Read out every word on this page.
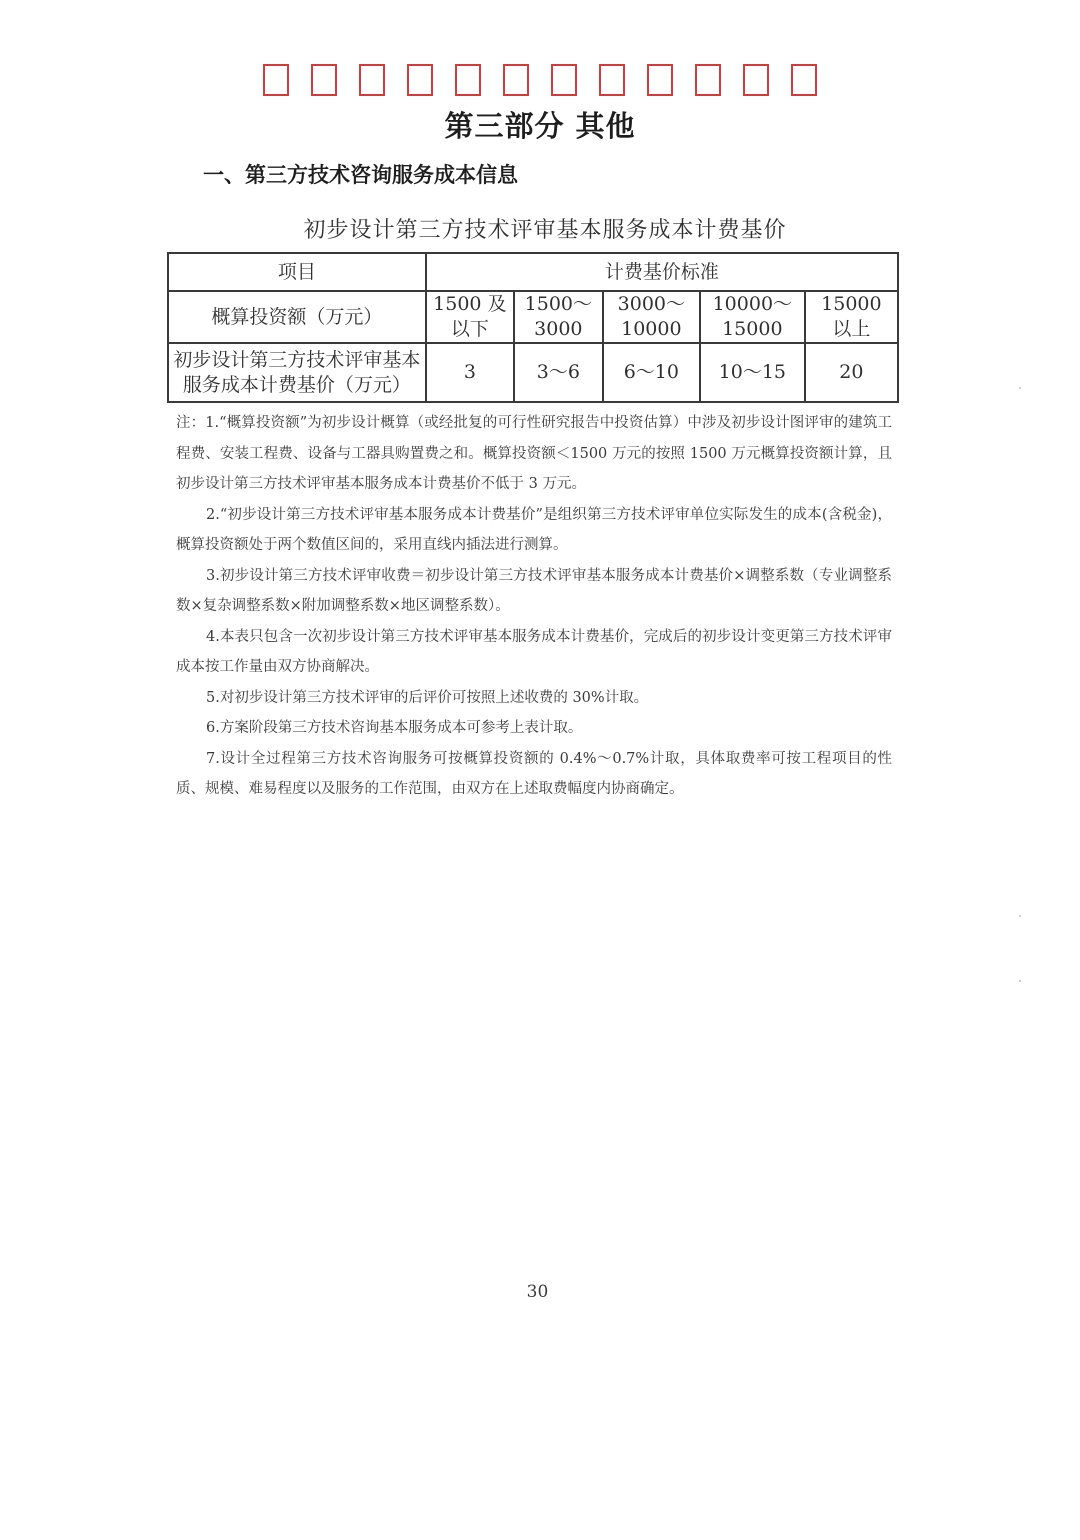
第三部分 其他
一、第三方技术咨询服务成本信息
初步设计第三方技术评审基本服务成本计费基价
项目	计费基价标准				
概算投资额（万元）	1500 及以下	1500～3000	3000～10000	10000～15000	15000 以上
初步设计第三方技术评审基本服务成本计费基价（万元）	3	3～6	6～10	10～15	20
注：1.“概算投资额”为初步设计概算（或经批复的可行性研究报告中投资估算）中涉及初步设计图评审的建筑工程费、安装工程费、设备与工器具购置费之和。概算投资额＜1500 万元的按照 1500 万元概算投资额计算，且初步设计第三方技术评审基本服务成本计费基价不低于 3 万元。
2.“初步设计第三方技术评审基本服务成本计费基价”是组织第三方技术评审单位实际发生的成本(含税金)，概算投资额处于两个数值区间的，采用直线内插法进行测算。
3.初步设计第三方技术评审收费＝初步设计第三方技术评审基本服务成本计费基价×调整系数（专业调整系数×复杂调整系数×附加调整系数×地区调整系数）。
4.本表只包含一次初步设计第三方技术评审基本服务成本计费基价，完成后的初步设计变更第三方技术评审成本按工作量由双方协商解决。
5.对初步设计第三方技术评审的后评价可按照上述收费的 30%计取。
6.方案阶段第三方技术咨询基本服务成本可参考上表计取。
7.设计全过程第三方技术咨询服务可按概算投资额的 0.4%～0.7%计取，具体取费率可按工程项目的性质、规模、难易程度以及服务的工作范围，由双方在上述取费幅度内协商确定。
30
